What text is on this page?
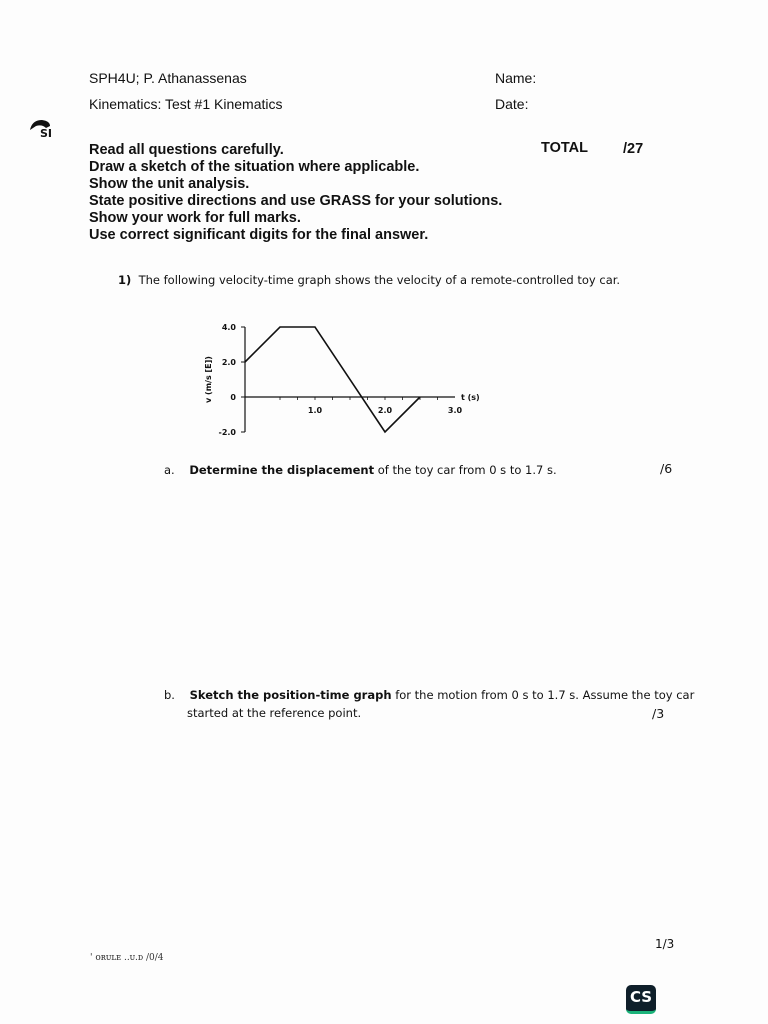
SI
SPH4U; P. Athanassenas	Name:
Kinematics: Test #1 Kinematics	Date:
TOTAL /27
Read all questions carefully.
Draw a sketch of the situation where applicable.
Show the unit analysis.
State positive directions and use GRASS for your solutions.
Show your work for full marks.
Use correct significant digits for the final answer.
1) The following velocity-time graph shows the velocity of a remote-controlled toy car.
4.0
2.0
0
-2.0
1.0	2.0	3.0
v (m/s [E])	t (s)
a. Determine the displacement of the toy car from 0 s to 1.7 s.	/6
b. Sketch the position-time graph for the motion from 0 s to 1.7 s. Assume the toy car
started at the reference point.	/3
1/3
' ᴏʀᴜʟᴇ ..ᴜ.ᴅ /0/4
CS
